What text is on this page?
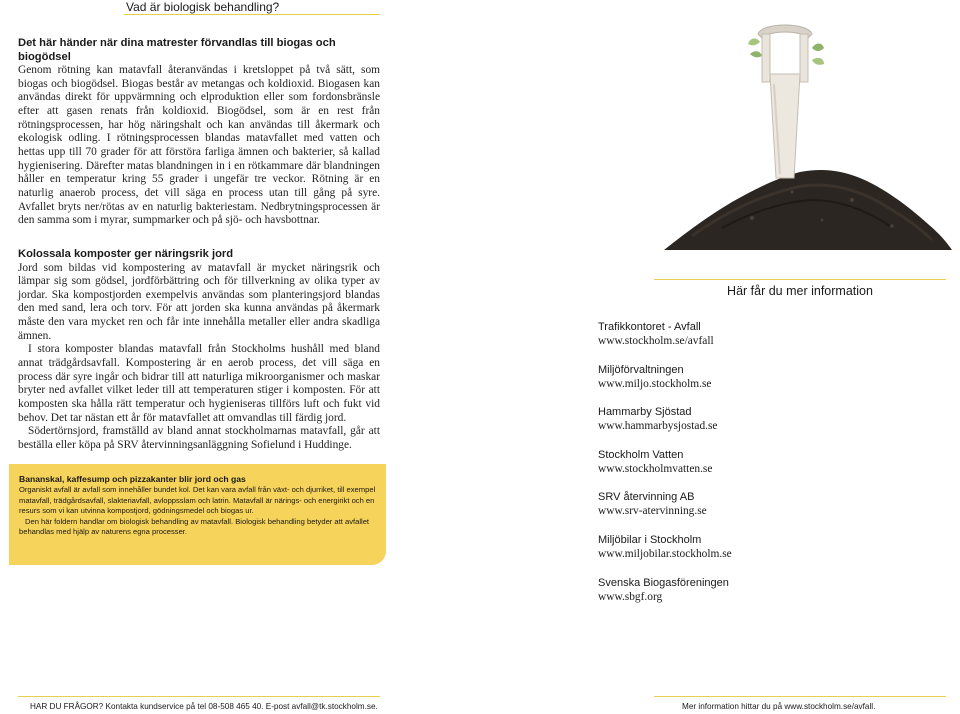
Vad är biologisk behandling?
Det här händer när dina matrester förvandlas till biogas och biogödsel

Genom rötning kan matavfall återanvändas i kretsloppet på två sätt, som biogas och biogödsel. Biogas består av metangas och koldioxid. Biogasen kan användas direkt för uppvärmning och elproduktion eller som fordonsbränsle efter att gasen renats från koldioxid. Biogödsel, som är en rest från rötningsprocessen, har hög näringshalt och kan användas till åkermark och ekologisk odling. I rötningsprocessen blandas matavfallet med vatten och hettas upp till 70 grader för att förstöra farliga ämnen och bakterier, så kallad hygienisering. Därefter matas blandningen in i en rötkammare där blandningen håller en temperatur kring 55 grader i ungefär tre veckor. Rötning är en naturlig anaerob process, det vill säga en process utan till gång på syre. Avfallet bryts ner/rötas av en naturlig bakteriestam. Nedbrytningsprocessen är den samma som i myrar, sumpmarker och på sjö- och havsbottnar.

Kolossala komposter ger näringsrik jord

Jord som bildas vid kompostering av matavfall är mycket näringsrik och lämpar sig som gödsel, jordförbättring och för tillverkning av olika typer av jordar. Ska kompostjorden exempelvis användas som planteringsjord blandas den med sand, lera och torv. För att jorden ska kunna användas på åkermark måste den vara mycket ren och får inte innehålla metaller eller andra skadliga ämnen.

I stora komposter blandas matavfall från Stockholms hushåll med bland annat trädgårdsavfall. Kompostering är en aerob process, det vill säga en process där syre ingår och bidrar till att naturliga mikroorganismer och maskar bryter ned avfallet vilket leder till att temperaturen stiger i komposten. För att komposten ska hålla rätt temperatur och hygieniseras tillförs luft och fukt vid behov. Det tar nästan ett år för matavfallet att omvandlas till färdig jord.

Södertörnsjord, framställd av bland annat stockholmarnas matavfall, går att beställa eller köpa på SRV återvinningsanläggning Sofielund i Huddinge.

Bananskal, kaffesump och pizzakanter blir jord och gas

Organiskt avfall är avfall som innehåller bundet kol. Det kan vara avfall från växt- och djurriket, till exempel matavfall, trädgårdsavfall, slakteriavfall, avloppsslam och latrin. Matavfall är närings- och energirikt och en resurs som vi kan utvinna kompostjord, gödningsmedel och biogas ur.

Den här foldern handlar om biologisk behandling av matavfall. Biologisk behandling betyder att avfallet behandlas med hjälp av naturens egna processer.

Här får du mer information
Trafikkontoret - Avfall
www.stockholm.se/avfall
Miljöförvaltningen
www.miljo.stockholm.se
Hammarby Sjöstad
www.hammarbysjostad.se
Stockholm Vatten
www.stockholmvatten.se
SRV återvinning AB
www.srv-atervinning.se
Miljöbilar i Stockholm
www.miljobilar.stockholm.se
Svenska Biogasföreningen
www.sbgf.org
HAR DU FRÅGOR? Kontakta kundservice på tel 08-508 465 40. E-post avfall@tk.stockholm.se.	Mer information hittar du på www.stockholm.se/avfall.
